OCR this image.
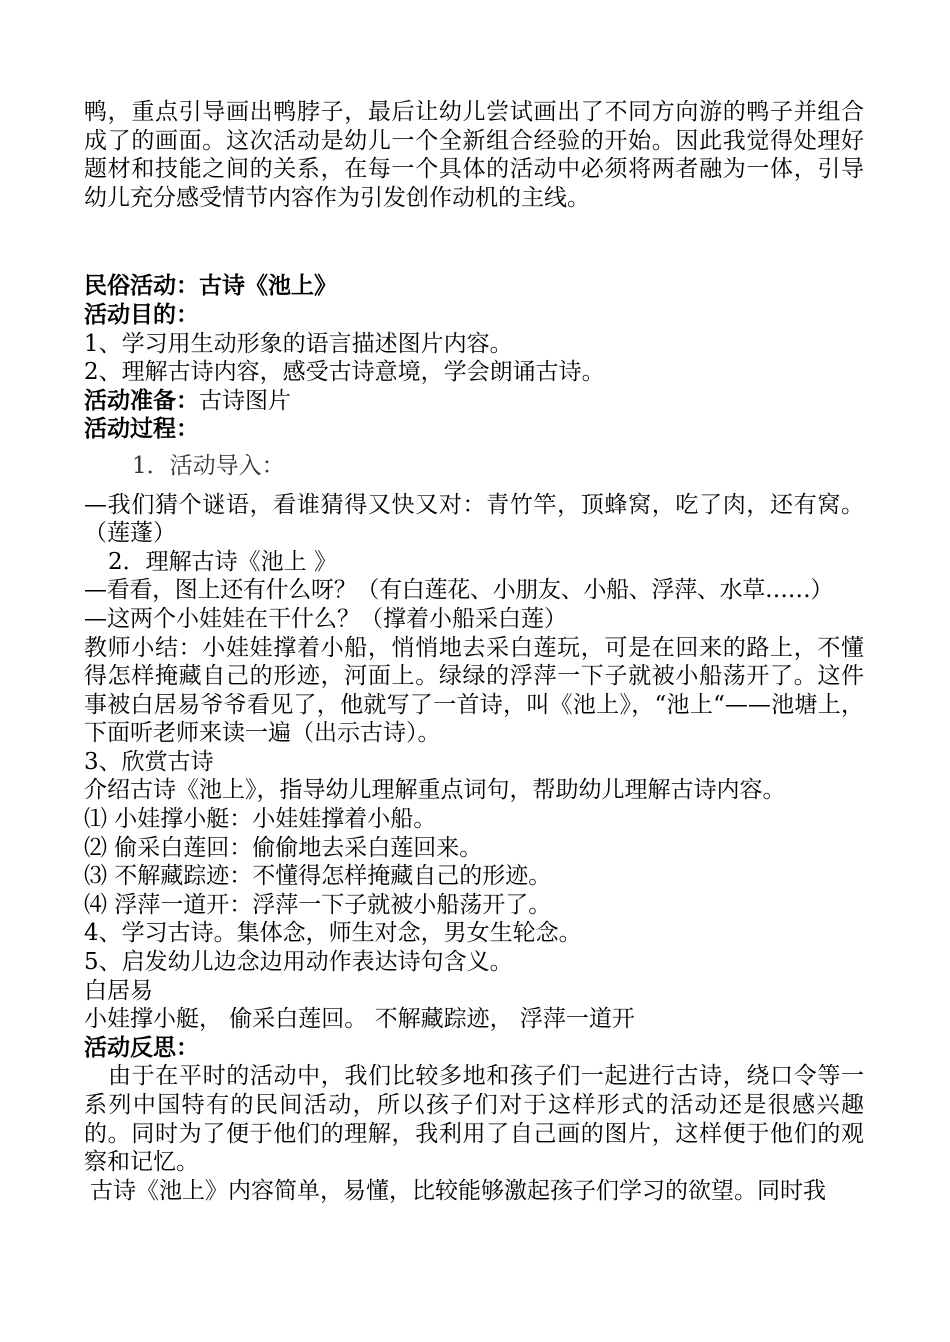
鸭，重点引导画出鸭脖子，最后让幼儿尝试画出了不同方向游的鸭子并组合成了的画面。这次活动是幼儿一个全新组合经验的开始。因此我觉得处理好题材和技能之间的关系，在每一个具体的活动中必须将两者融为一体，引导幼儿充分感受情节内容作为引发创作动机的主线。

民俗活动：古诗《池上》

活动目的：

1、学习用生动形象的语言描述图片内容。

2、理解古诗内容，感受古诗意境，学会朗诵古诗。

活动准备：古诗图片

活动过程：

1．活动导入：

—我们猜个谜语，看谁猜得又快又对：青竹竿，顶蜂窝，吃了肉，还有窝。（莲蓬）

2．理解古诗《池上 》

—看看，图上还有什么呀？（有白莲花、小朋友、小船、浮萍、水草……）

—这两个小娃娃在干什么？（撑着小船采白莲）

教师小结：小娃娃撑着小船，悄悄地去采白莲玩，可是在回来的路上，不懂得怎样掩藏自己的形迹，河面上。绿绿的浮萍一下子就被小船荡开了。这件事被白居易爷爷看见了，他就写了一首诗，叫《池上》，“池上“——池塘上，下面听老师来读一遍（出示古诗）。

3、欣赏古诗

介绍古诗《池上》，指导幼儿理解重点词句，帮助幼儿理解古诗内容。

⑴ 小娃撑小艇：小娃娃撑着小船。

⑵ 偷采白莲回：偷偷地去采白莲回来。

⑶ 不解藏踪迹：不懂得怎样掩藏自己的形迹。

⑷ 浮萍一道开：浮萍一下子就被小船荡开了。

4、学习古诗。集体念，师生对念，男女生轮念。

5、启发幼儿边念边用动作表达诗句含义。

白居易

小娃撑小艇， 偷采白莲回。 不解藏踪迹， 浮萍一道开

活动反思：

由于在平时的活动中，我们比较多地和孩子们一起进行古诗，绕口令等一系列中国特有的民间活动，所以孩子们对于这样形式的活动还是很感兴趣的。同时为了便于他们的理解，我利用了自己画的图片，这样便于他们的观察和记忆。

古诗《池上》内容简单，易懂，比较能够激起孩子们学习的欲望。同时我
